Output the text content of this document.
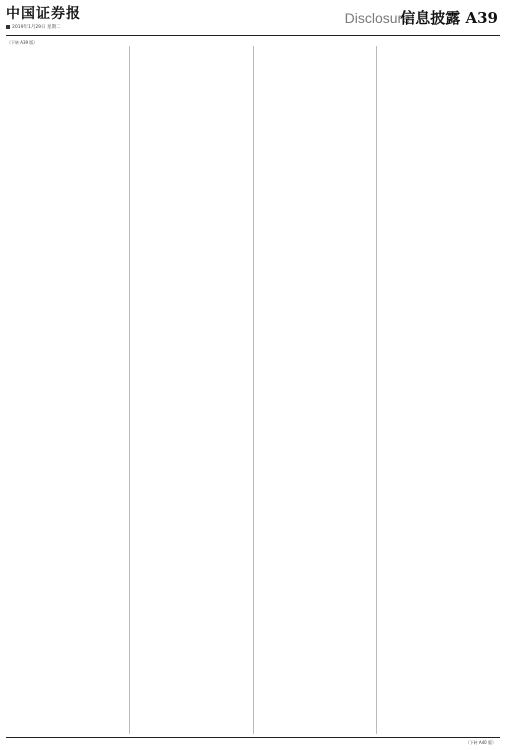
中国证券报
2019年1月29日 星期二
Disclosure
信息披露 A39
（下转 A39 版）
（下转 A40 版）
